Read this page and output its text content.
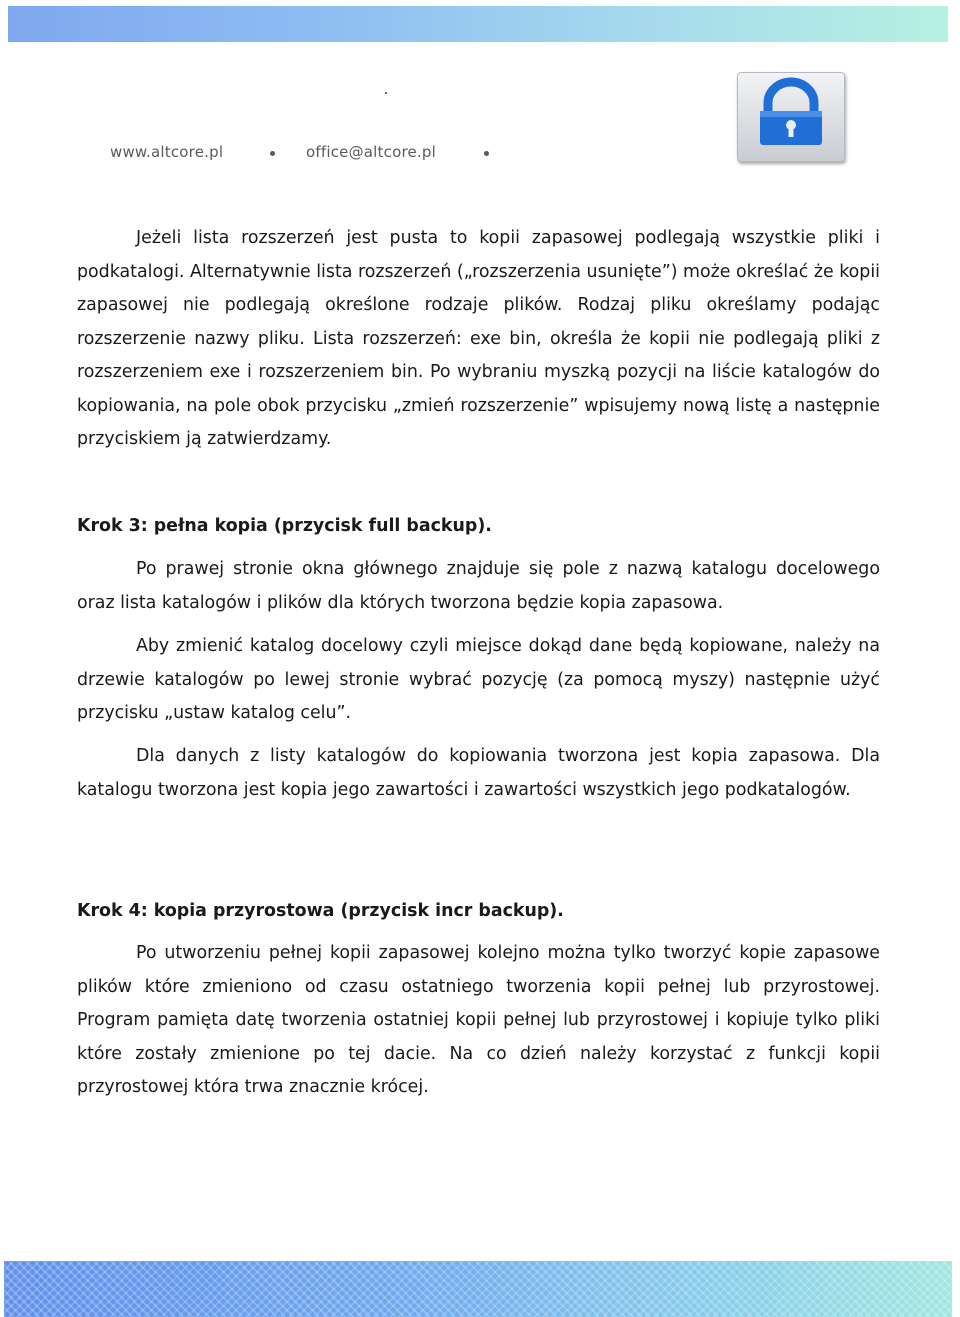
www.altcore.pl	office@altcore.pl

Jeżeli lista rozszerzeń jest pusta to kopii zapasowej podlegają wszystkie pliki i podkatalogi. Alternatywnie lista rozszerzeń („rozszerzenia usunięte”) może określać że kopii zapasowej nie podlegają określone rodzaje plików. Rodzaj pliku określamy podając rozszerzenie nazwy pliku. Lista rozszerzeń: exe bin, określa że kopii nie podlegają pliki z rozszerzeniem exe i rozszerzeniem bin. Po wybraniu myszką pozycji na liście katalogów do kopiowania, na pole obok przycisku „zmień rozszerzenie” wpisujemy nową listę a następnie przyciskiem ją zatwierdzamy.

Krok 3: pełna kopia (przycisk full backup).

Po prawej stronie okna głównego znajduje się pole z nazwą katalogu docelowego oraz lista katalogów i plików dla których tworzona będzie kopia zapasowa.

Aby zmienić katalog docelowy czyli miejsce dokąd dane będą kopiowane, należy na drzewie katalogów po lewej stronie wybrać pozycję (za pomocą myszy) następnie użyć przycisku „ustaw katalog celu”.

Dla danych z listy katalogów do kopiowania tworzona jest kopia zapasowa. Dla katalogu tworzona jest kopia jego zawartości i zawartości wszystkich jego podkatalogów.

Krok 4: kopia przyrostowa (przycisk incr backup).

Po utworzeniu pełnej kopii zapasowej kolejno można tylko tworzyć kopie zapasowe plików które zmieniono od czasu ostatniego tworzenia kopii pełnej lub przyrostowej. Program pamięta datę tworzenia ostatniej kopii pełnej lub przyrostowej i kopiuje tylko pliki które zostały zmienione po tej dacie. Na co dzień należy korzystać z funkcji kopii przyrostowej która trwa znacznie krócej.
